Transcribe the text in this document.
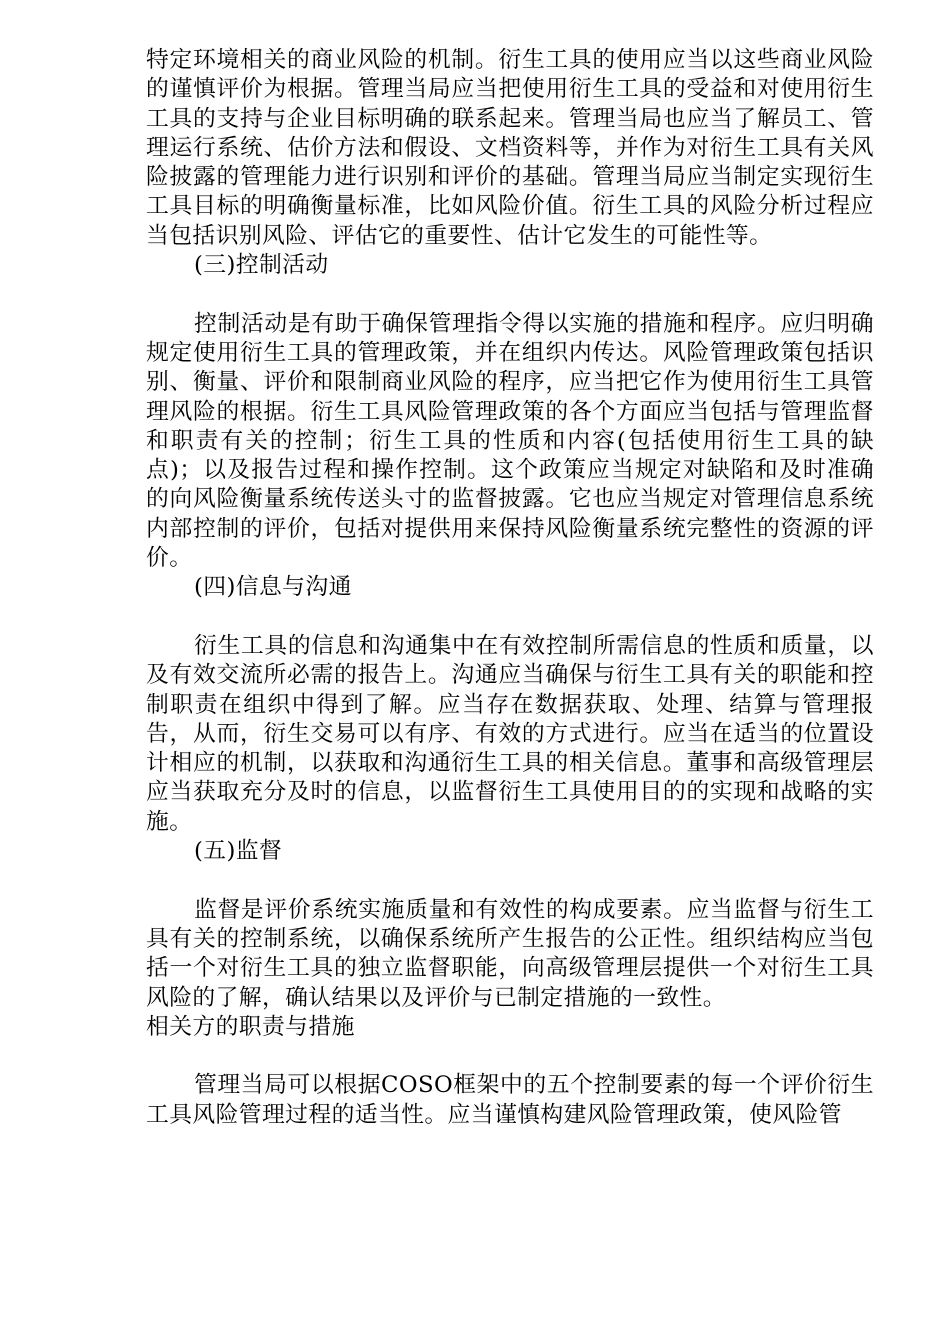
特定环境相关的商业风险的机制。衍生工具的使用应当以这些商业风险的谨慎评价为根据。管理当局应当把使用衍生工具的受益和对使用衍生工具的支持与企业目标明确的联系起来。管理当局也应当了解员工、管理运行系统、估价方法和假设、文档资料等，并作为对衍生工具有关风险披露的管理能力进行识别和评价的基础。管理当局应当制定实现衍生工具目标的明确衡量标准，比如风险价值。衍生工具的风险分析过程应当包括识别风险、评估它的重要性、估计它发生的可能性等。

(三)控制活动

控制活动是有助于确保管理指令得以实施的措施和程序。应归明确规定使用衍生工具的管理政策，并在组织内传达。风险管理政策包括识别、衡量、评价和限制商业风险的程序，应当把它作为使用衍生工具管理风险的根据。衍生工具风险管理政策的各个方面应当包括与管理监督和职责有关的控制；衍生工具的性质和内容(包括使用衍生工具的缺点)；以及报告过程和操作控制。这个政策应当规定对缺陷和及时准确的向风险衡量系统传送头寸的监督披露。它也应当规定对管理信息系统内部控制的评价，包括对提供用来保持风险衡量系统完整性的资源的评价。

(四)信息与沟通

衍生工具的信息和沟通集中在有效控制所需信息的性质和质量，以及有效交流所必需的报告上。沟通应当确保与衍生工具有关的职能和控制职责在组织中得到了解。应当存在数据获取、处理、结算与管理报告，从而，衍生交易可以有序、有效的方式进行。应当在适当的位置设计相应的机制，以获取和沟通衍生工具的相关信息。董事和高级管理层应当获取充分及时的信息，以监督衍生工具使用目的的实现和战略的实施。

(五)监督

监督是评价系统实施质量和有效性的构成要素。应当监督与衍生工具有关的控制系统，以确保系统所产生报告的公正性。组织结构应当包括一个对衍生工具的独立监督职能，向高级管理层提供一个对衍生工具风险的了解，确认结果以及评价与已制定措施的一致性。

相关方的职责与措施

管理当局可以根据COSO框架中的五个控制要素的每一个评价衍生工具风险管理过程的适当性。应当谨慎构建风险管理政策，使风险管
